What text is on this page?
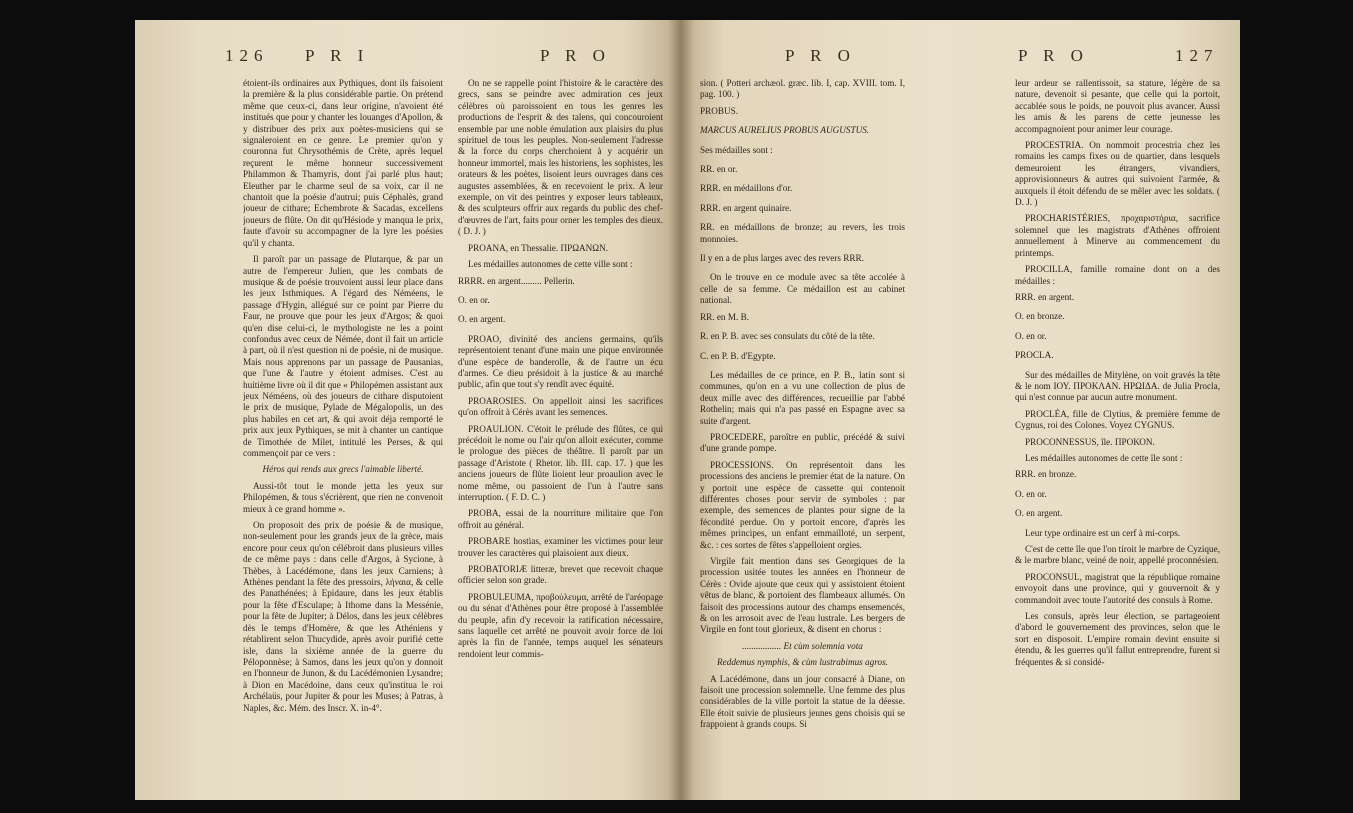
126 P R I	P R O	P R O	P R O	127

étoient-ils ordinaires aux Pythiques, dont ils faisoient la première & la plus considérable partie. On prétend même que ceux-ci, dans leur origine, n'avoient été institués que pour y chanter les louanges d'Apollon, & y distribuer des prix aux poètes-musiciens qui se signaleroient en ce genre. Le premier qu'on y couronna fut Chrysothémis de Crète, après lequel reçurent le même honneur successivement Philammon & Thamyris, dont j'ai parlé plus haut; Eleuther par le charme seul de sa voix, car il ne chantoit que la poésie d'autrui; puis Céphalès, grand joueur de cithare; Echembrote & Sacadas, excellens joueurs de flûte. On dit qu'Hésiode y manqua le prix, faute d'avoir su accompagner de la lyre les poésies qu'il y chanta.

Il paroît par un passage de Plutarque, & par un autre de l'empereur Julien, que les combats de musique & de poésie trouvoient aussi leur place dans les jeux Isthmiques. A l'égard des Néméens, le passage d'Hygin, allégué sur ce point par Pierre du Faur, ne prouve que pour les jeux d'Argos; & quoi qu'en dise celui-ci, le mythologiste ne les a point confondus avec ceux de Némée, dont il fait un article à part, où il n'est question ni de poésie, ni de musique. Mais nous apprenons par un passage de Pausanias, que l'une & l'autre y étoient admises. C'est au huitième livre où il dit que « Philopémen assistant aux jeux Néméens, où des joueurs de cithare disputoient le prix de musique, Pylade de Mégalopolis, un des plus habiles en cet art, & qui avoit déja remporté le prix aux jeux Pythiques, se mit à chanter un cantique de Timothée de Milet, intitulé les Perses, & qui commençoit par ce vers :

Héros qui rends aux grecs l'aimable liberté.

Aussi-tôt tout le monde jetta les yeux sur Philopémen, & tous s'écrièrent, que rien ne convenoit mieux à ce grand homme ».

On proposoit des prix de poésie & de musique, non-seulement pour les grands jeux de la grèce, mais encore pour ceux qu'on célébroit dans plusieurs villes de ce même pays : dans celle d'Argos, à Sycione, à Thèbes, à Lacédémone, dans les jeux Carniens; à Athènes pendant la fête des pressoirs, λήναια, & celle des Panathénées; à Epidaure, dans les jeux établis pour la fête d'Esculape; à Ithome dans la Messénie, pour la fête de Jupiter; à Délos, dans les jeux célèbres dès le temps d'Homère, & que les Athéniens y rétablirent selon Thucydide, après avoir purifié cette isle, dans la sixième année de la guerre du Péloponnèse; à Samos, dans les jeux qu'on y donnoit en l'honneur de Junon, & du Lacédémonien Lysandre; à Dion en Macédoine, dans ceux qu'institua le roi Archélaüs, pour Jupiter & pour les Muses; à Patras, à Naples, &c. Mém. des Inscr. X. in-4°.

On ne se rappelle point l'histoire & le caractère des grecs, sans se peindre avec admiration ces jeux célèbres où paroissoient en tous les genres les productions de l'esprit & des talens, qui concouroient ensemble par une noble émulation aux plaisirs du plus spirituel de tous les peuples. Non-seulement l'adresse & la force du corps cherchoient à y acquérir un honneur immortel, mais les historiens, les sophistes, les orateurs & les poètes, lisoient leurs ouvrages dans ces augustes assemblées, & en recevoient le prix. A leur exemple, on vit des peintres y exposer leurs tableaux, & des sculpteurs offrir aux regards du public des chef-d'œuvres de l'art, faits pour orner les temples des dieux. ( D. J. )

PROANA, en Thessalie. ΠΡΩΑΝΩΝ.

Les médailles autonomes de cette ville sont :

RRRR. en argent......... Pellerin.

O. en or.

O. en argent.

PROAO, divinité des anciens germains, qu'ils représentoient tenant d'une main une pique environnée d'une espèce de banderolle, & de l'autre un écu d'armes. Ce dieu présidoit à la justice & au marché public, afin que tout s'y rendît avec équité.

PROAROSIES. On appelloit ainsi les sacrifices qu'on offroit à Cérès avant les semences.

PROAULION. C'étoit le prélude des flûtes, ce qui précédoit le nome ou l'air qu'on alloit exécuter, comme le prologue des pièces de théâtre. Il paroît par un passage d'Aristote ( Rhetor. lib. III. cap. 17. ) que les anciens joueurs de flûte lioient leur proaulion avec le nome même, ou passoient de l'un à l'autre sans interruption. ( F. D. C. )

PROBA, essai de la nourriture militaire que l'on offroit au général.

PROBARE hostias, examiner les victimes pour leur trouver les caractères qui plaisoient aux dieux.

PROBATORIÆ litteræ, brevet que recevoit chaque officier selon son grade.

PROBULEUMA, προβούλευμα, arrêté de l'aréopage ou du sénat d'Athènes pour être proposé à l'assemblée du peuple, afin d'y recevoir la ratification nécessaire, sans laquelle cet arrêté ne pouvoit avoir force de loi après la fin de l'année, temps auquel les sénateurs rendoient leur commis-

sion. ( Potteri archæol. græc. lib. I, cap. XVIII. tom. I, pag. 100. )

PROBUS.

MARCUS AURELIUS PROBUS AUGUSTUS.

Ses médailles sont :

RR. en or.

RRR. en médaillons d'or.

RRR. en argent quinaire.

RR. en médaillons de bronze; au revers, les trois monnoies.

Il y en a de plus larges avec des revers RRR.

On le trouve en ce module avec sa tête accolée à celle de sa femme. Ce médaillon est au cabinet national.

RR. en M. B.

R. en P. B. avec ses consulats du côté de la tête.

C. en P. B. d'Egypte.

Les médailles de ce prince, en P. B., latin sont si communes, qu'on en a vu une collection de plus de deux mille avec des différences, recueillie par l'abbé Rothelin; mais qui n'a pas passé en Espagne avec sa suite d'argent.

PROCEDERE, paroître en public, précédé & suivi d'une grande pompe.

PROCESSIONS. On représentoit dans les processions des anciens le premier état de la nature. On y portoit une espèce de cassette qui contenoit différentes choses pour servir de symboles : par exemple, des semences de plantes pour signe de la fécondité perdue. On y portoit encore, d'après les mêmes principes, un enfant emmailloté, un serpent, &c. : ces sortes de fêtes s'appelloient orgies.

Virgile fait mention dans ses Georgiques de la procession usitée toutes les années en l'honneur de Cérès : Ovide ajoute que ceux qui y assistoient étoient vêtus de blanc, & portoient des flambeaux allumés. On faisoit des processions autour des champs ensemencés, & on les arrosoit avec de l'eau lustrale. Les bergers de Virgile en font tout glorieux, & disent en chorus :

................. Et cùm solemnia vota

Reddemus nymphis, & cùm lustrabimus agros.

A Lacédémone, dans un jour consacré à Diane, on faisoit une procession solemnelle. Une femme des plus considérables de la ville portoit la statue de la déesse. Elle étoit suivie de plusieurs jeunes gens choisis qui se frappoient à grands coups. Si

leur ardeur se rallentissoit, sa stature, légère de sa nature, devenoit si pesante, que celle qui la portoit, accablée sous le poids, ne pouvoit plus avancer. Aussi les amis & les parens de cette jeunesse les accompagnoient pour animer leur courage.

PROCESTRIA. On nommoit procestria chez les romains les camps fixes ou de quartier, dans lesquels demeuroient les étrangers, vivandiers, approvisionneurs & autres qui suivoient l'armée, & auxquels il étoit défendu de se mêler avec les soldats. ( D. J. )

PROCHARISTÉRIES, προχαριστήρια, sacrifice solemnel que les magistrats d'Athènes offroient annuellement à Minerve au commencement du printemps.

PROCILLA, famille romaine dont on a des médailles :

RRR. en argent.

O. en bronze.

O. en or.

PROCLA.

Sur des médailles de Mitylène, on voit gravés la tête & le nom ΙΟΥ. ΠΡΟΚΛΑΝ. ΗΡΩΙΔΑ. de Julia Procla, qui n'est connue par aucun autre monument.

PROCLÉA, fille de Clytius, & première femme de Cygnus, roi des Colones. Voyez CYGNUS.

PROCONNESSUS, île. ΠΡΟΚΟΝ.

Les médailles autonomes de cette île sont :

RRR. en bronze.

O. en or.

O. en argent.

Leur type ordinaire est un cerf à mi-corps.

C'est de cette île que l'on tiroit le marbre de Cyzique, & le marbre blanc, veiné de noir, appellé proconnésien.

PROCONSUL, magistrat que la république romaine envoyoit dans une province, qui y gouvernoit & y commandoit avec toute l'autorité des consuls à Rome.

Les consuls, après leur élection, se partageoient d'abord le gouvernement des provinces, selon que le sort en disposoit. L'empire romain devint ensuite si étendu, & les guerres qu'il fallut entreprendre, furent si fréquentes & si considé-
